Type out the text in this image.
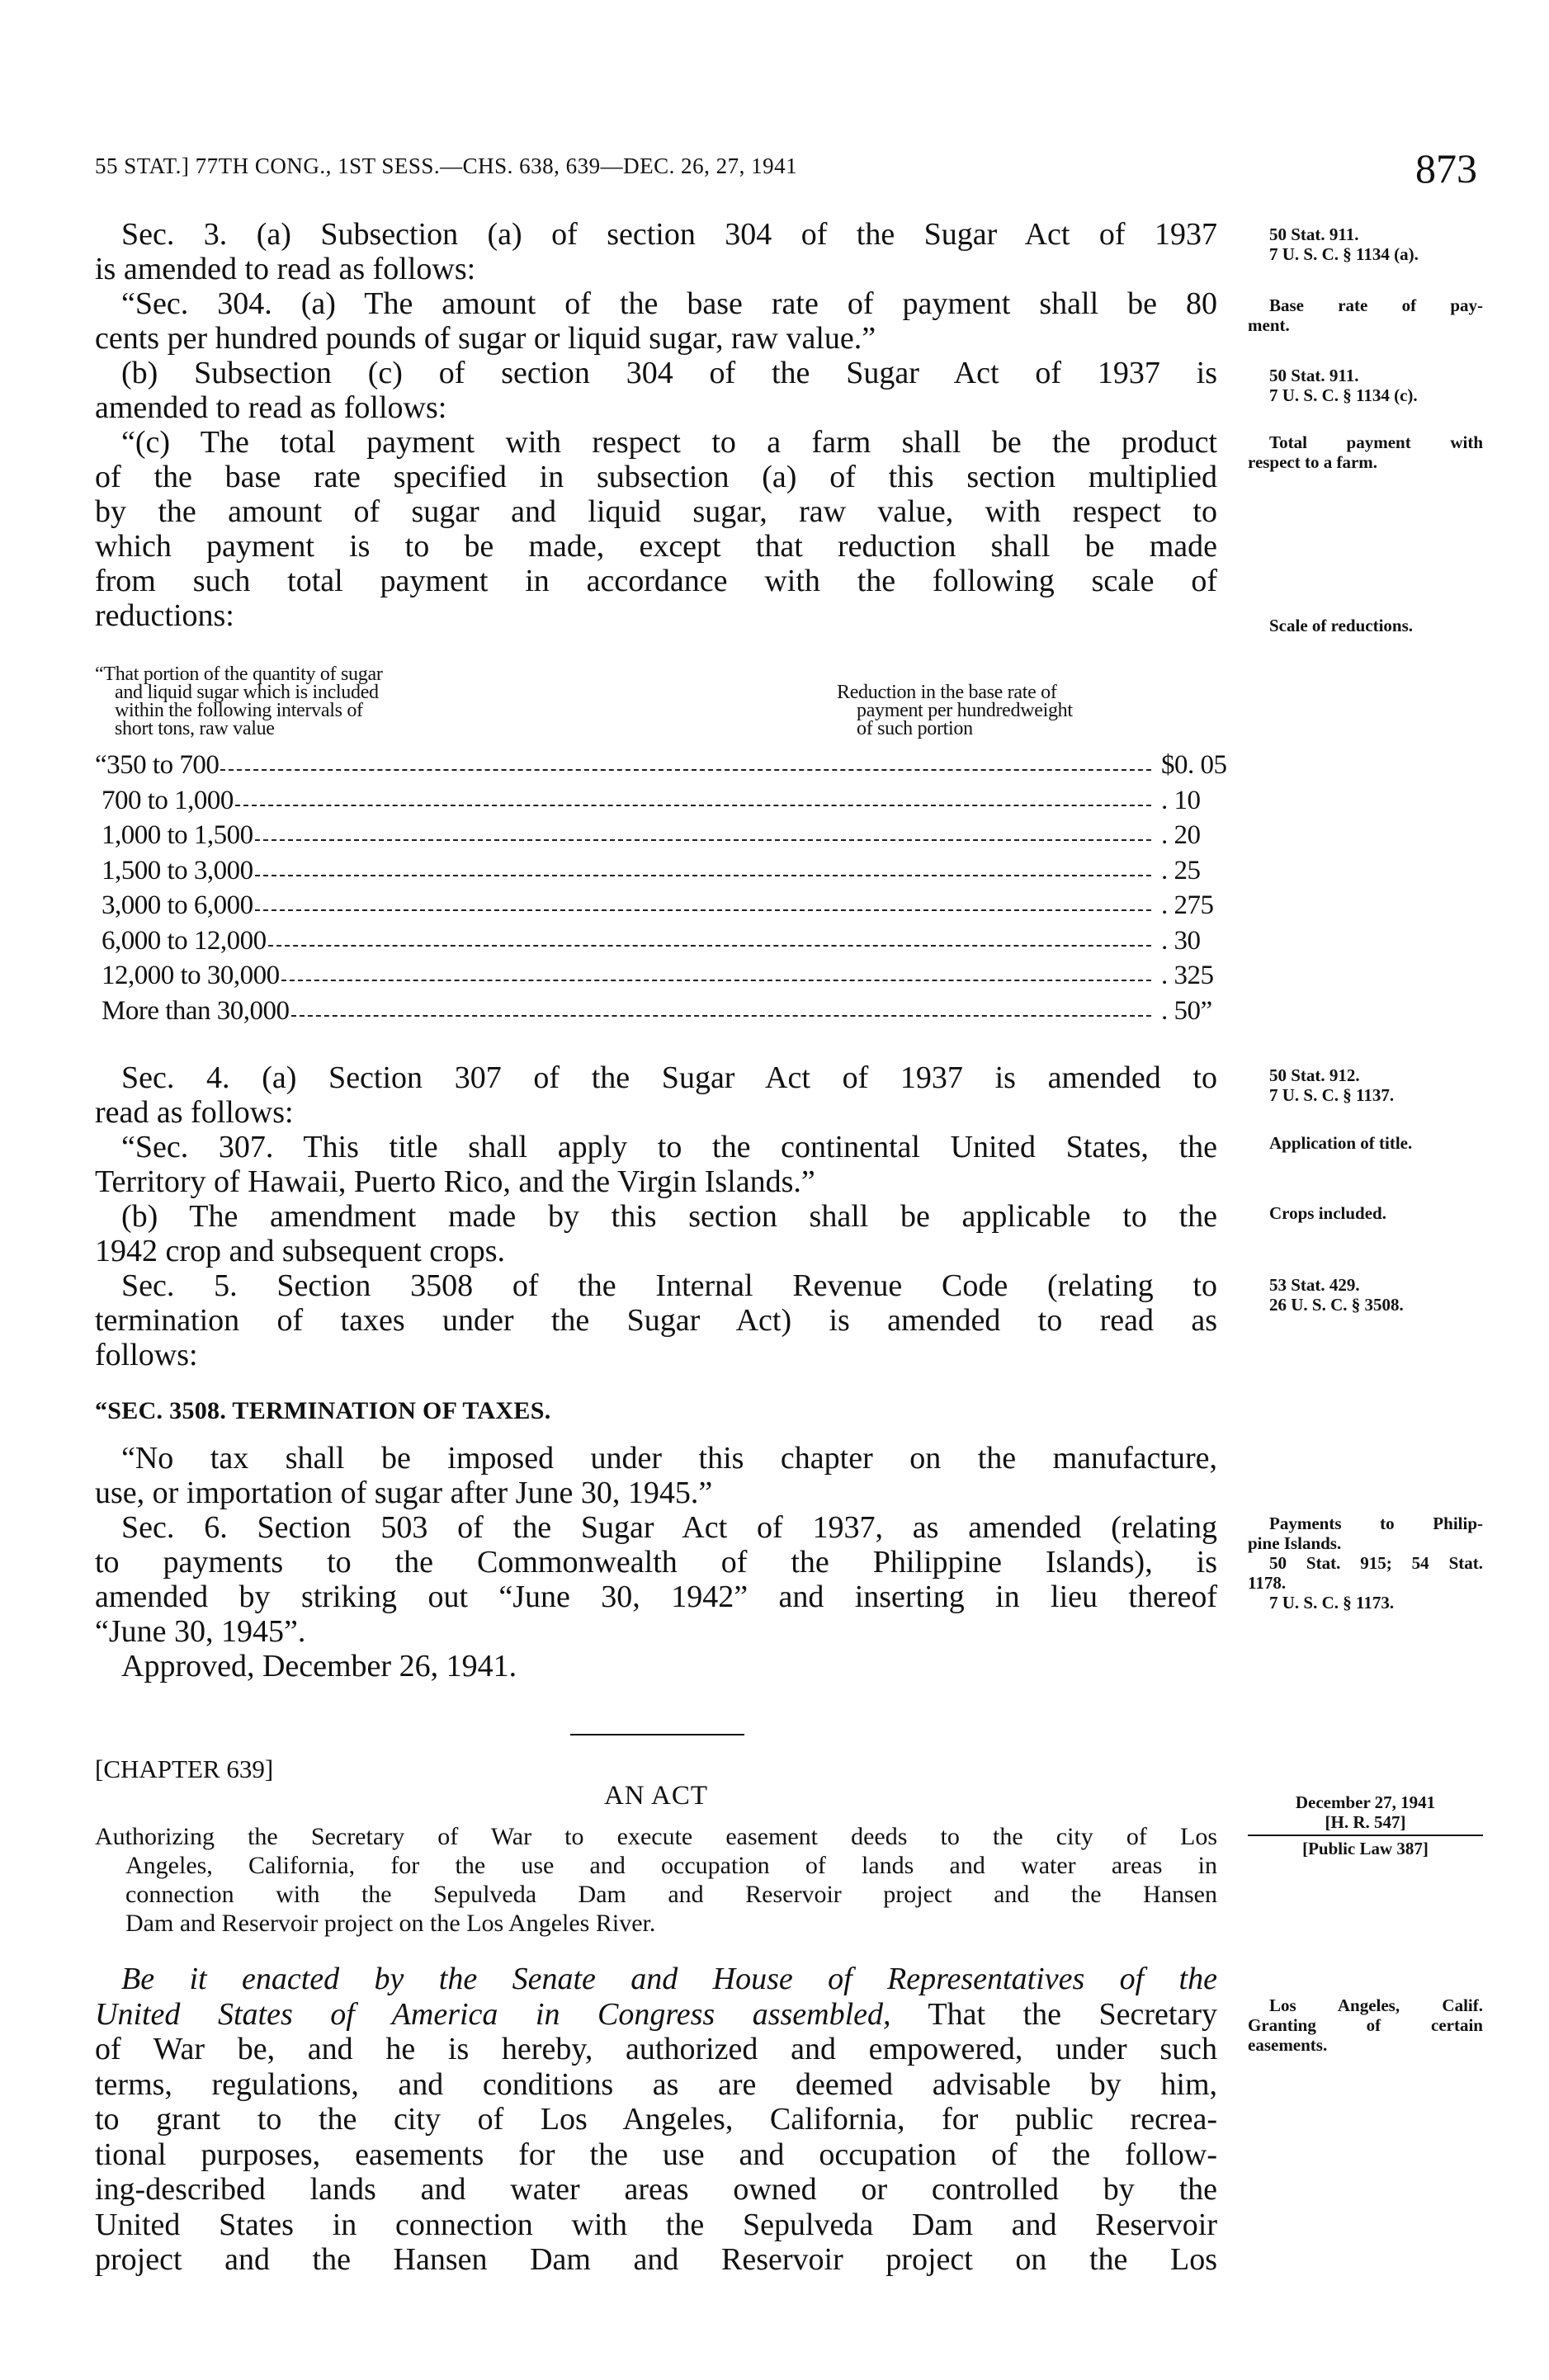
55 STAT.] 77TH CONG., 1ST SESS.—CHS. 638, 639—DEC. 26, 27, 1941	873
Sec. 3. (a) Subsection (a) of section 304 of the Sugar Act of 1937
is amended to read as follows:
“Sec. 304. (a) The amount of the base rate of payment shall be 80
cents per hundred pounds of sugar or liquid sugar, raw value.”
(b) Subsection (c) of section 304 of the Sugar Act of 1937 is
amended to read as follows:
“(c) The total payment with respect to a farm shall be the product
of the base rate specified in subsection (a) of this section multiplied
by the amount of sugar and liquid sugar, raw value, with respect to
which payment is to be made, except that reduction shall be made
from such total payment in accordance with the following scale of
reductions:
“That portion of the quantity of sugar
and liquid sugar which is included
within the following intervals of
short tons, raw value
Reduction in the base rate of
payment per hundredweight
of such portion
“350 to 700	$0. 05
700 to 1,000	. 10
1,000 to 1,500	. 20
1,500 to 3,000	. 25
3,000 to 6,000	. 275
6,000 to 12,000	. 30
12,000 to 30,000	. 325
More than 30,000	. 50”
Sec. 4. (a) Section 307 of the Sugar Act of 1937 is amended to
read as follows:
“Sec. 307. This title shall apply to the continental United States, the
Territory of Hawaii, Puerto Rico, and the Virgin Islands.”
(b) The amendment made by this section shall be applicable to the
1942 crop and subsequent crops.
Sec. 5. Section 3508 of the Internal Revenue Code (relating to
termination of taxes under the Sugar Act) is amended to read as
follows:
“SEC. 3508. TERMINATION OF TAXES.
“No tax shall be imposed under this chapter on the manufacture,
use, or importation of sugar after June 30, 1945.”
Sec. 6. Section 503 of the Sugar Act of 1937, as amended (relating
to payments to the Commonwealth of the Philippine Islands), is
amended by striking out “June 30, 1942” and inserting in lieu thereof
“June 30, 1945”.
Approved, December 26, 1941.
[CHAPTER 639]
AN ACT
Authorizing the Secretary of War to execute easement deeds to the city of Los
Angeles, California, for the use and occupation of lands and water areas in
connection with the Sepulveda Dam and Reservoir project and the Hansen
Dam and Reservoir project on the Los Angeles River.
Be it enacted by the Senate and House of Representatives of the
United States of America in Congress assembled, That the Secretary
of War be, and he is hereby, authorized and empowered, under such
terms, regulations, and conditions as are deemed advisable by him,
to grant to the city of Los Angeles, California, for public recrea-
tional purposes, easements for the use and occupation of the follow-
ing-described lands and water areas owned or controlled by the
United States in connection with the Sepulveda Dam and Reservoir
project and the Hansen Dam and Reservoir project on the Los
December 27, 1941
[H. R. 547]
[Public Law 387]
50 Stat. 911.
7 U. S. C. § 1134 (a).
Base rate of pay-
ment.
50 Stat. 911.
7 U. S. C. § 1134 (c).
Total payment with
respect to a farm.
Scale of reductions.
50 Stat. 912.
7 U. S. C. § 1137.
Application of title.
Crops included.
53 Stat. 429.
26 U. S. C. § 3508.
Payments to Philip-
pine Islands.
50 Stat. 915; 54 Stat.
1178.
7 U. S. C. § 1173.
Los Angeles, Calif.
Granting of certain
easements.
